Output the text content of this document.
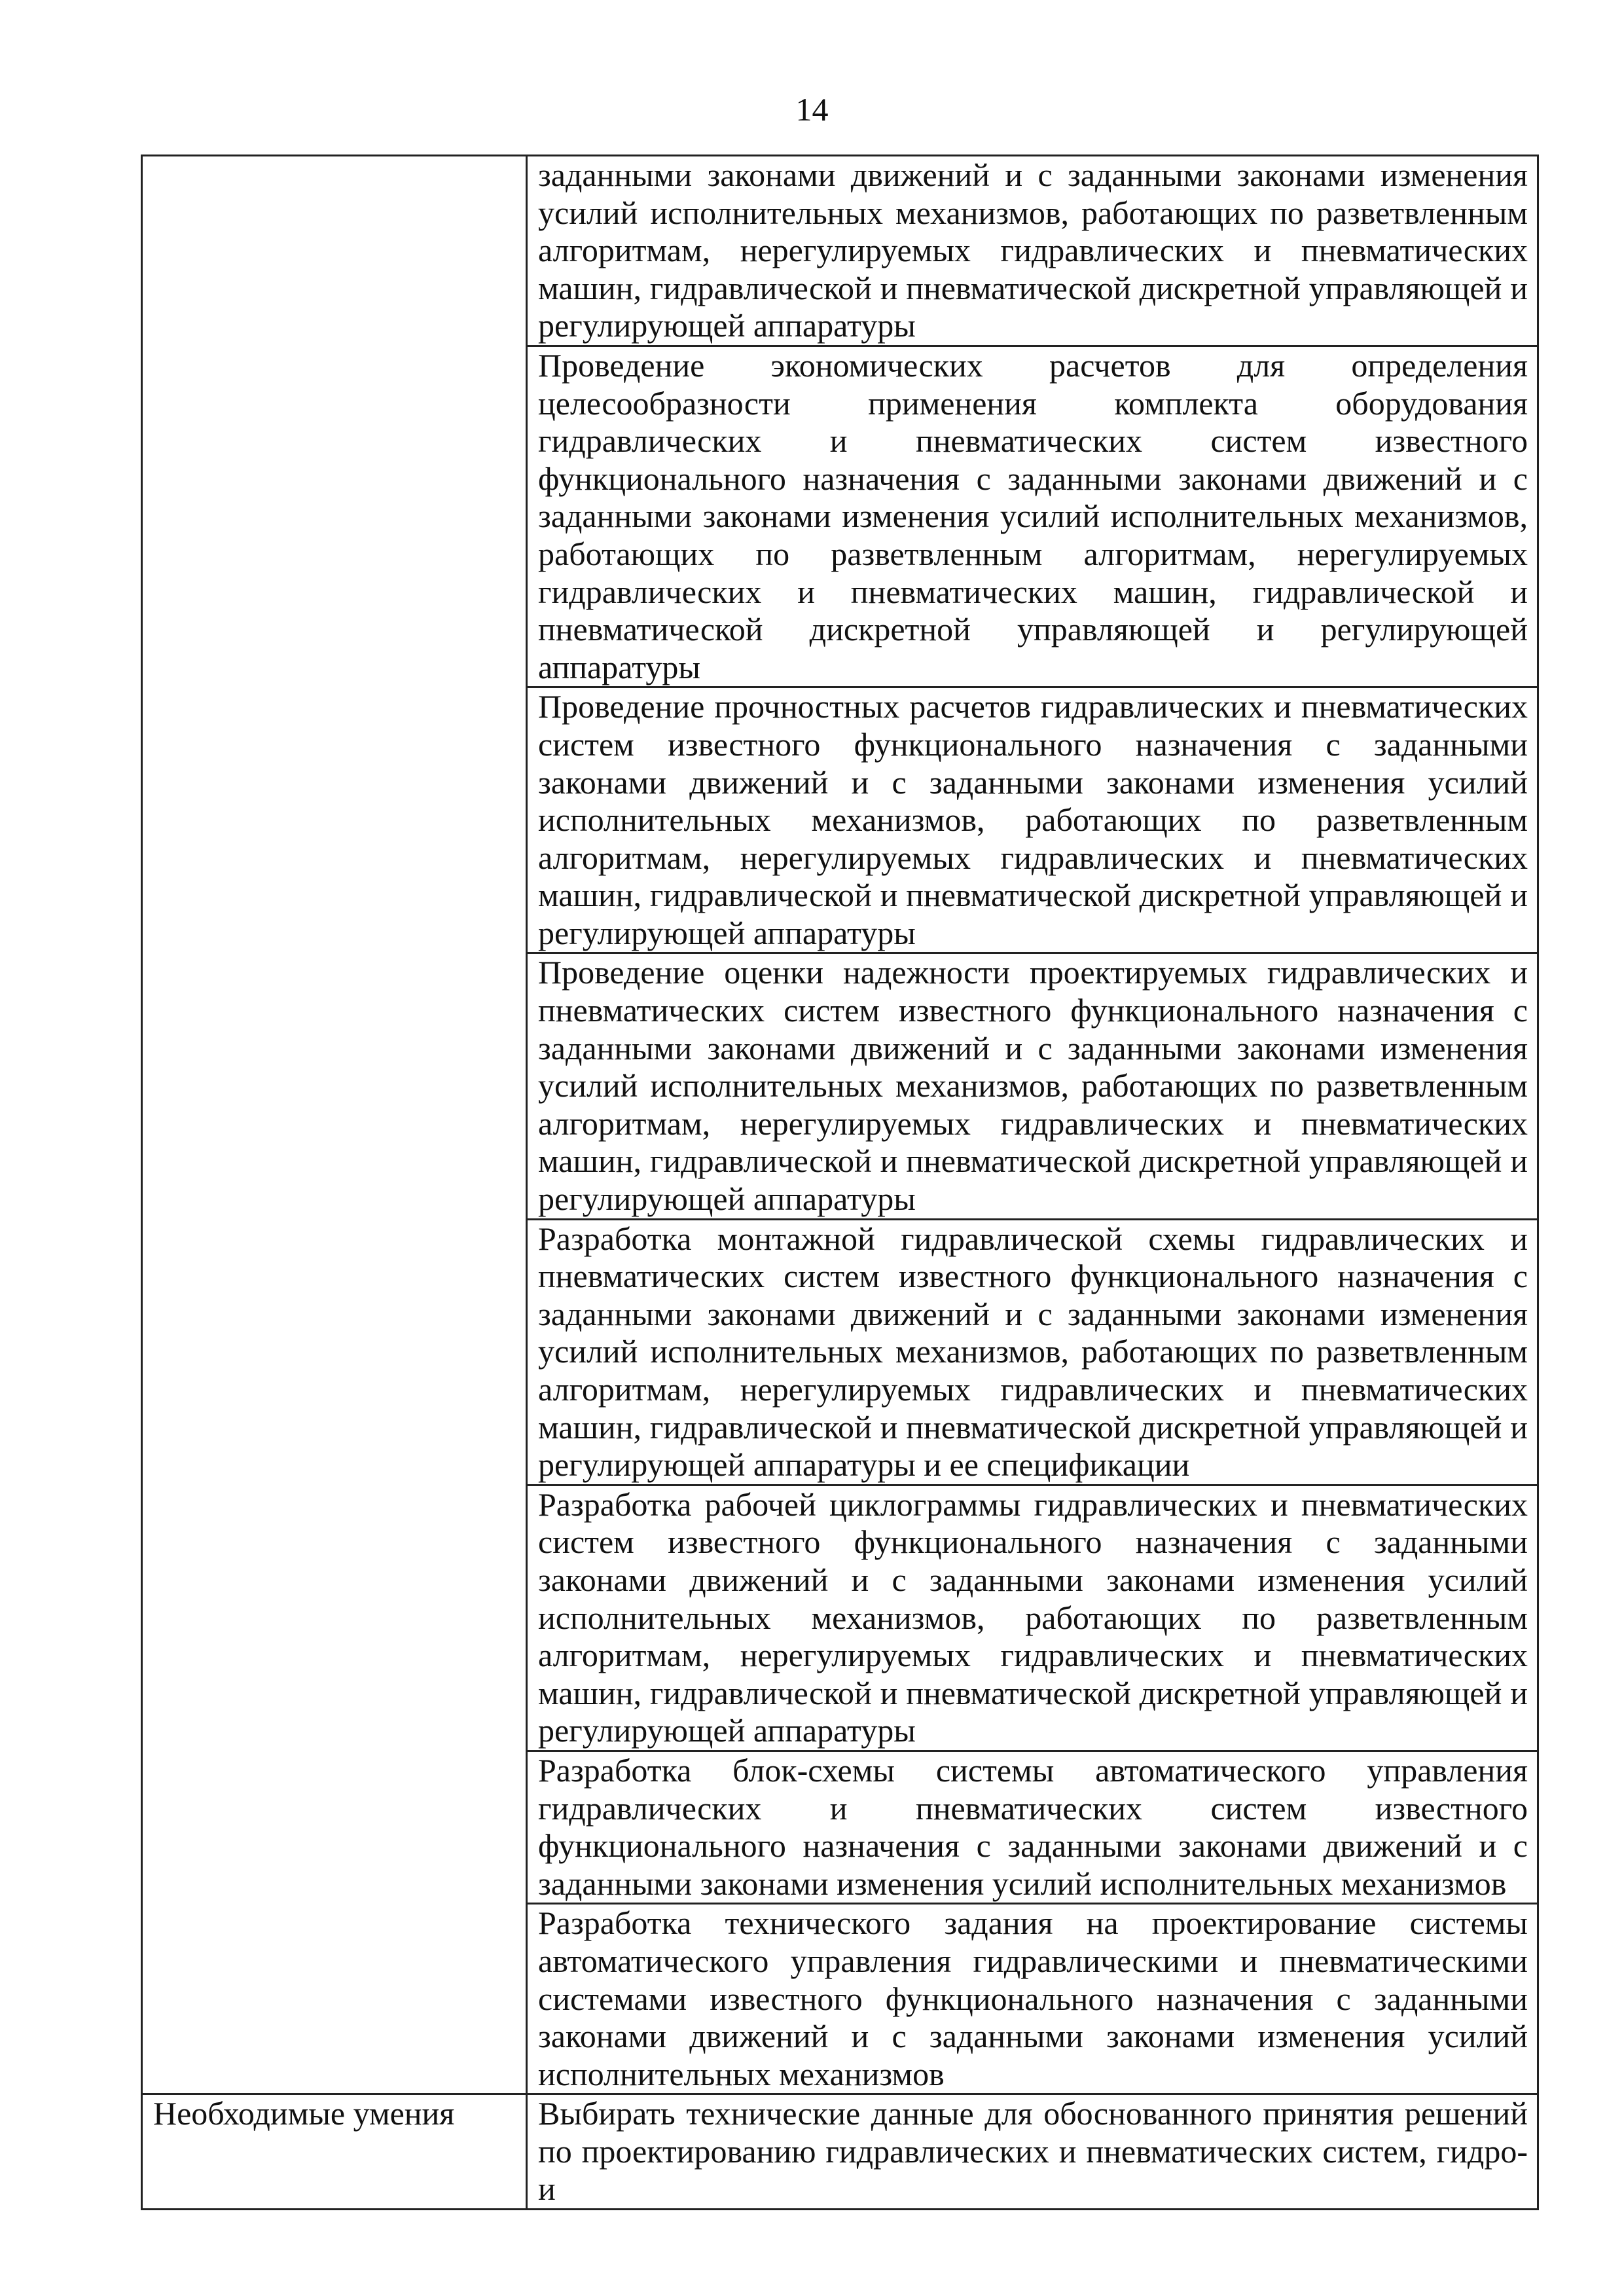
14

	заданными законами движений и с заданными законами изменения усилий исполнительных механизмов, работающих по разветвленным алгоритмам, нерегулируемых гидравлических и пневматических машин, гидравлической и пневматической дискретной управляющей и регулирующей аппаратуры

	Проведение экономических расчетов для определения целесообразности применения комплекта оборудования гидравлических и пневматических систем известного функционального назначения с заданными законами движений и с заданными законами изменения усилий исполнительных механизмов, работающих по разветвленным алгоритмам, нерегулируемых гидравлических и пневматических машин, гидравлической и пневматической дискретной управляющей и регулирующей аппаратуры

	Проведение прочностных расчетов гидравлических и пневматических систем известного функционального назначения с заданными законами движений и с заданными законами изменения усилий исполнительных механизмов, работающих по разветвленным алгоритмам, нерегулируемых гидравлических и пневматических машин, гидравлической и пневматической дискретной управляющей и регулирующей аппаратуры

	Проведение оценки надежности проектируемых гидравлических и пневматических систем известного функционального назначения с заданными законами движений и с заданными законами изменения усилий исполнительных механизмов, работающих по разветвленным алгоритмам, нерегулируемых гидравлических и пневматических машин, гидравлической и пневматической дискретной управляющей и регулирующей аппаратуры

	Разработка монтажной гидравлической схемы гидравлических и пневматических систем известного функционального назначения с заданными законами движений и с заданными законами изменения усилий исполнительных механизмов, работающих по разветвленным алгоритмам, нерегулируемых гидравлических и пневматических машин, гидравлической и пневматической дискретной управляющей и регулирующей аппаратуры и ее спецификации

	Разработка рабочей циклограммы гидравлических и пневматических систем известного функционального назначения с заданными законами движений и с заданными законами изменения усилий исполнительных механизмов, работающих по разветвленным алгоритмам, нерегулируемых гидравлических и пневматических машин, гидравлической и пневматической дискретной управляющей и регулирующей аппаратуры

	Разработка блок-схемы системы автоматического управления гидравлических и пневматических систем известного функционального назначения с заданными законами движений и с заданными законами изменения усилий исполнительных механизмов

	Разработка технического задания на проектирование системы автоматического управления гидравлическими и пневматическими системами известного функционального назначения с заданными законами движений и с заданными законами изменения усилий исполнительных механизмов

Необходимые умения	Выбирать технические данные для обоснованного принятия решений по проектированию гидравлических и пневматических систем, гидро- и
